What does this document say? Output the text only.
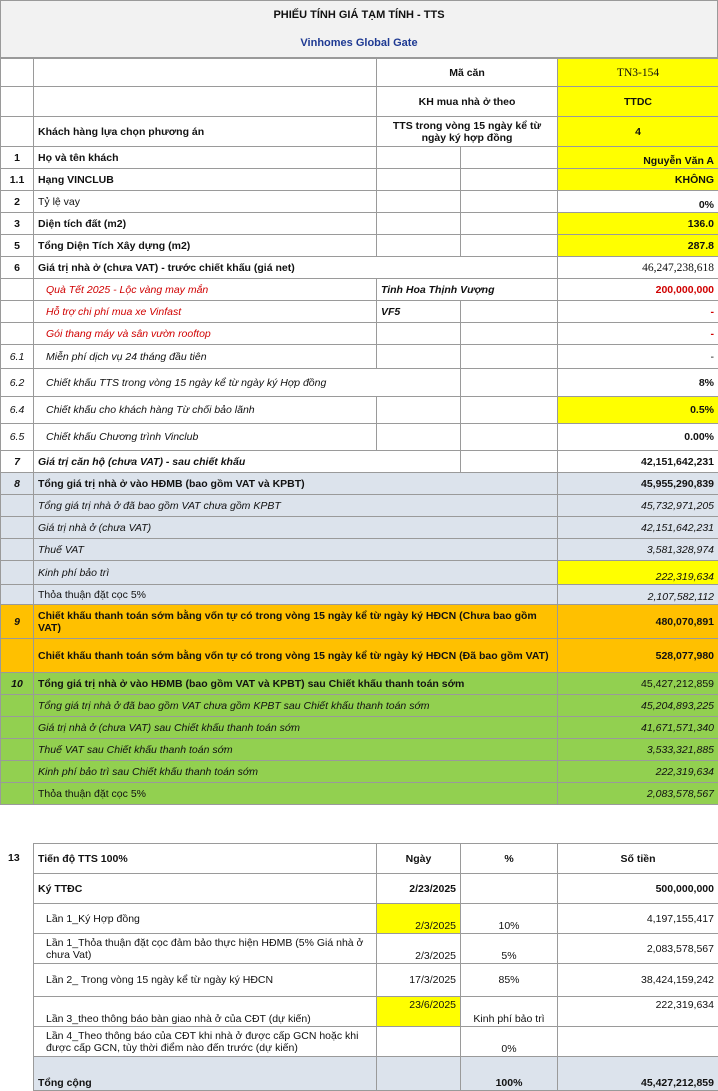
PHIẾU TÍNH GIÁ TẠM TÍNH - TTS
Vinhomes Global Gate
		Mã căn		TN3-154
		KH mua nhà ở theo		TTDC
	Khách hàng lựa chọn phương án	TTS trong vòng 15 ngày kể từ ngày ký hợp đồng		4
1	Họ và tên khách			Nguyễn Văn A
1.1	Hạng VINCLUB			KHÔNG
2	Tỷ lệ vay			0%
3	Diện tích đất (m2)			136.0
5	Tổng Diện Tích Xây dựng (m2)			287.8
6	Giá trị nhà ở (chưa VAT) - trước chiết khấu (giá net)			46,247,238,618
	Quà Tết 2025 - Lộc vàng may mắn	Tinh Hoa Thịnh Vượng		200,000,000
	Hỗ trợ chi phí mua xe Vinfast	VF5		-
	Gói thang máy và sân vườn rooftop			-
6.1	Miễn phí dịch vụ 24 tháng đầu tiên			-
6.2	Chiết khấu TTS trong vòng 15 ngày kể từ ngày ký Hợp đồng			8%
6.4	Chiết khấu cho khách hàng Từ chối bảo lãnh			0.5%
6.5	Chiết khấu Chương trình Vinclub			0.00%
7	Giá trị căn hộ (chưa VAT) - sau chiết khấu			42,151,642,231
8	Tổng giá trị nhà ở vào HĐMB (bao gồm VAT và KPBT)			45,955,290,839
	Tổng giá trị nhà ở đã bao gồm VAT chưa gồm KPBT			45,732,971,205
	Giá trị nhà ở (chưa VAT)			42,151,642,231
	Thuế VAT			3,581,328,974
	Kinh phí bảo trì			222,319,634
	Thỏa thuận đặt cọc 5%			2,107,582,112
9	Chiết khấu thanh toán sớm bằng vốn tự có trong vòng 15 ngày kể từ ngày ký HĐCN (Chưa bao gồm VAT)			480,070,891
	Chiết khấu thanh toán sớm bằng vốn tự có trong vòng 15 ngày kể từ ngày ký HĐCN (Đã bao gồm VAT)			528,077,980
10	Tổng giá trị nhà ở vào HĐMB (bao gồm VAT và KPBT) sau Chiết khấu thanh toán sớm			45,427,212,859
	Tổng giá trị nhà ở đã bao gồm VAT chưa gồm KPBT sau Chiết khấu thanh toán sớm			45,204,893,225
	Giá trị nhà ở (chưa VAT) sau Chiết khấu thanh toán sớm			41,671,571,340
	Thuế VAT sau Chiết khấu thanh toán sớm			3,533,321,885
	Kinh phí bảo trì sau Chiết khấu thanh toán sớm			222,319,634
	Thỏa thuận đặt cọc 5%			2,083,578,567
13 Tiến độ TTS 100%	Ngày	%	Số tiền
Ký TTĐC	2/23/2025		500,000,000
Lần 1_Ký Hợp đồng	2/3/2025	10%	4,197,155,417
Lần 1_Thỏa thuận đặt cọc đảm bảo thực hiện HĐMB (5% Giá nhà ở chưa Vat)	2/3/2025	5%	2,083,578,567
Lần 2_ Trong vòng 15 ngày kể từ ngày ký HĐCN	17/3/2025	85%	38,424,159,242
Lần 3_theo thông báo bàn giao nhà ở của CĐT (dự kiến)	23/6/2025	Kinh phí bảo trì	222,319,634
Lần 4_Theo thông báo của CĐT khi nhà ở được cấp GCN hoặc khi được cấp GCN, tùy thời điểm nào đến trước (dự kiến)		0%	
Tổng cộng		100%	45,427,212,859
